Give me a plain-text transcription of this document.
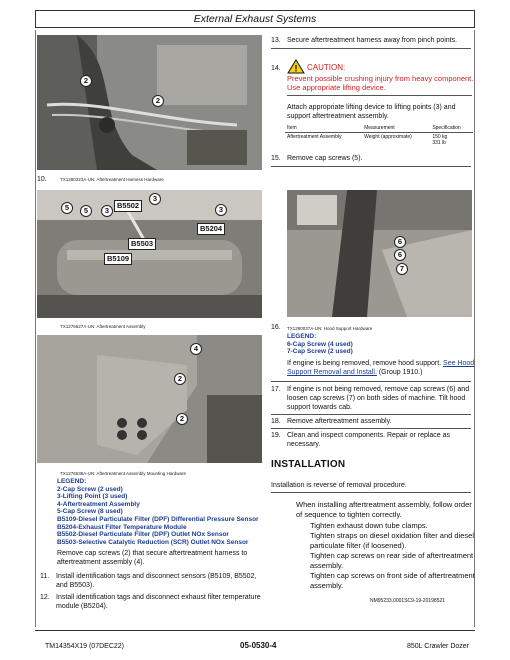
External Exhaust Systems
2
2
10.	TX1280223A-UN: Aftertreatment Harness Hardware
5	5	3
3
3
B5502
B5204
B5503
B5109
TX1276627A-UN: Aftertreatment Assembly
4
2
2
TX1276638A-UN: Aftertreatment Assembly Mounting Hardware
LEGEND:
2-Cap Screw (2 used)
3-Lifting Point (3 used)
4-Aftertreatment Assembly
5-Cap Screw (8 used)
B5109-Diesel Particulate Filter (DPF) Differential Pressure Sensor
B5204-Exhaust Filter Temperature Module
B5502-Diesel Particulate Filter (DPF) Outlet NOx Sensor
B5503-Selective Catalytic Reduction (SCR) Outlet NOx Sensor
Remove cap screws (2) that secure aftertreatment harness to aftertreatment assembly (4).
11. Install identification tags and disconnect sensors (B5109, B5502, and B5503).
12. Install identification tags and disconnect exhaust filter temperature module (B5204).
13. Secure aftertreatment harness away from pinch points.
14.	! CAUTION:
Prevent possible crushing injury from heavy component.
Use appropriate lifting device.
Attach appropriate lifting device to lifting points (3) and support aftertreatment assembly.
Item	Measurement	Specification
Aftertreatment Assembly	Weight (approximate)	150 kg
331 lb
15. Remove cap screws (5).
6
6
7
16.	TX1280037A-UN: Hood Support Hardware
LEGEND:
6-Cap Screw (4 used)
7-Cap Screw (2 used)
If engine is being removed, remove hood support. See Hood Support Removal and Install. (Group 1910.)
17. If engine is not being removed, remove cap screws (6) and loosen cap screws (7) on both sides of machine. Tilt hood support towards cab.
18. Remove aftertreatment assembly.
19. Clean and inspect components. Repair or replace as necessary.
INSTALLATION
Installation is reverse of removal procedure.
When installing aftertreatment assembly, follow order of sequence to tighten correctly.
Tighten exhaust down tube clamps.
Tighten straps on diesel oxidation filter and diesel particulate filter (if loosened).
Tighten cap screws on rear side of aftertreatment assembly.
Tighten cap screws on front side of aftertreatment assembly.
NM95233,0001SC9-19-20198521
TM14354X19 (07DEC22)	05-0530-4	850L Crawler Dozer
